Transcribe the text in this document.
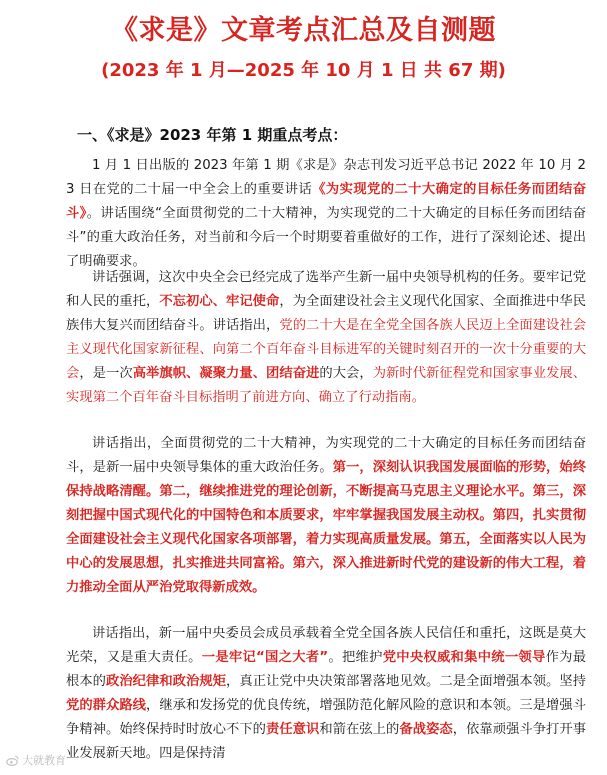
《求是》文章考点汇总及自测题
(2023 年 1 月—2025 年 10 月 1 日 共 67 期)
一、《求是》2023 年第 1 期重点考点：

1 月 1 日出版的 2023 年第 1 期《求是》杂志刊发习近平总书记 2022 年 10 月 23 日在党的二十届一中全会上的重要讲话《为实现党的二十大确定的目标任务而团结奋斗》。讲话围绕“全面贯彻党的二十大精神，为实现党的二十大确定的目标任务而团结奋斗”的重大政治任务，对当前和今后一个时期要着重做好的工作，进行了深刻论述、提出了明确要求。

讲话强调，这次中央全会已经完成了选举产生新一届中央领导机构的任务。要牢记党和人民的重托，不忘初心、牢记使命，为全面建设社会主义现代化国家、全面推进中华民族伟大复兴而团结奋斗。讲话指出，党的二十大是在全党全国各族人民迈上全面建设社会主义现代化国家新征程、向第二个百年奋斗目标进军的关键时刻召开的一次十分重要的大会，是一次高举旗帜、凝聚力量、团结奋进的大会，为新时代新征程党和国家事业发展、实现第二个百年奋斗目标指明了前进方向、确立了行动指南。

讲话指出，全面贯彻党的二十大精神，为实现党的二十大确定的目标任务而团结奋斗，是新一届中央领导集体的重大政治任务。第一，深刻认识我国发展面临的形势，始终保持战略清醒。第二，继续推进党的理论创新，不断提高马克思主义理论水平。第三，深刻把握中国式现代化的中国特色和本质要求，牢牢掌握我国发展主动权。第四，扎实贯彻全面建设社会主义现代化国家各项部署，着力实现高质量发展。第五，全面落实以人民为中心的发展思想，扎实推进共同富裕。第六，深入推进新时代党的建设新的伟大工程，着力推动全面从严治党取得新成效。

讲话指出，新一届中央委员会成员承载着全党全国各族人民信任和重托，这既是莫大光荣，又是重大责任。一是牢记“国之大者”。把维护党中央权威和集中统一领导作为最根本的政治纪律和政治规矩，真正让党中央决策部署落地见效。二是全面增强本领。坚持党的群众路线，继承和发扬党的优良传统，增强防范化解风险的意识和本领。三是增强斗争精神。始终保持时时放心不下的责任意识和箭在弦上的备战姿态，依靠顽强斗争打开事业发展新天地。四是保持清

大就教育
